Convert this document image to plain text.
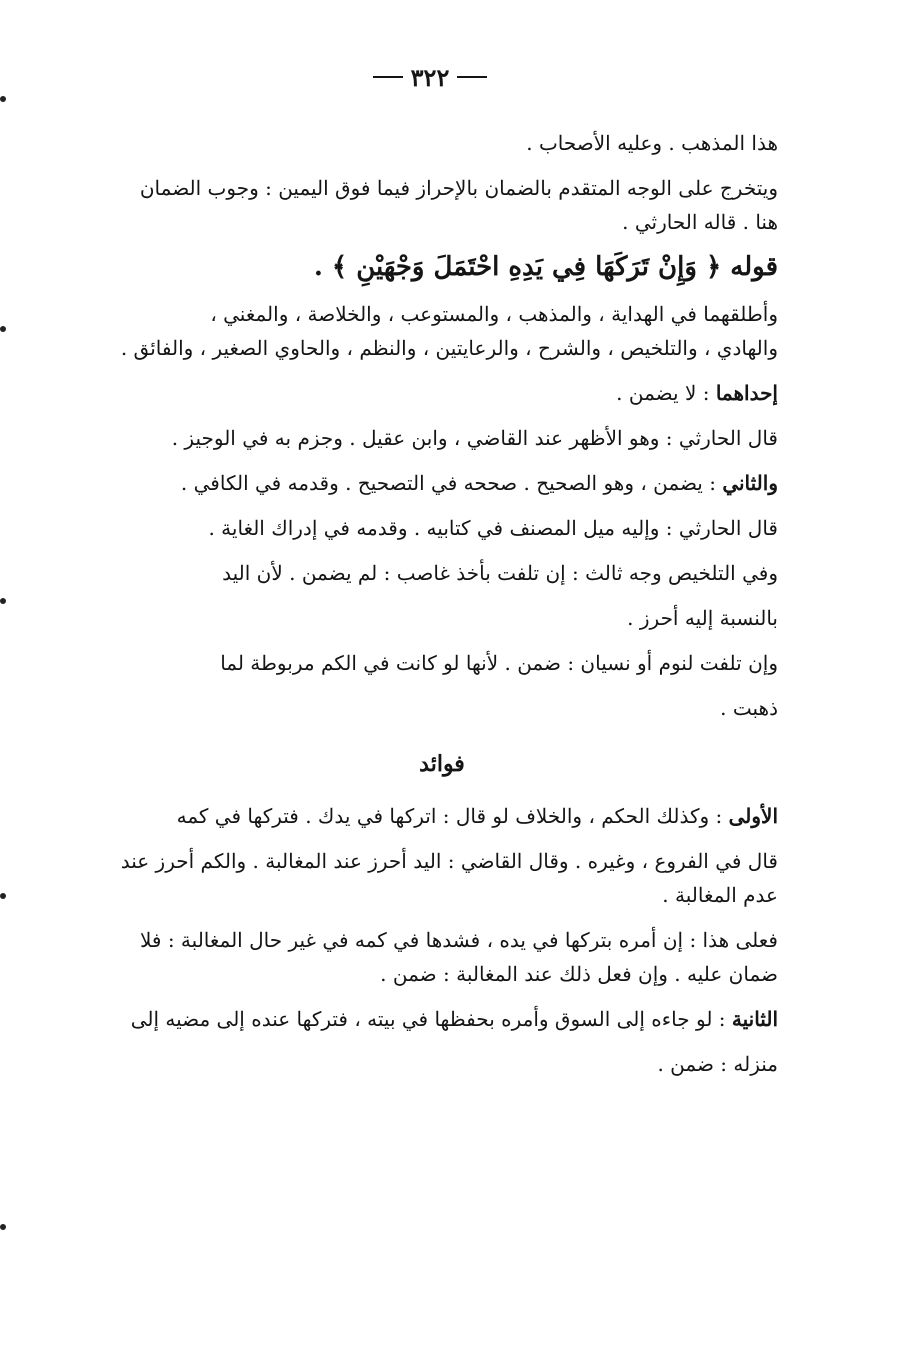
٣٢٢

هذا المذهب . وعليه الأصحاب .

ويتخرج على الوجه المتقدم بالضمان بالإحراز فيما فوق اليمين : وجوب الضمان

هنا . قاله الحارثي .

قوله ﴿ وَإِنْ تَرَكَهَا فِي يَدِهِ احْتَمَلَ وَجْهَيْنِ ﴾ .

وأطلقهما في الهداية ، والمذهب ، والمستوعب ، والخلاصة ، والمغني ،

والهادي ، والتلخيص ، والشرح ، والرعايتين ، والنظم ، والحاوي الصغير ، والفائق .

إحداهما : لا يضمن .

قال الحارثي : وهو الأظهر عند القاضي ، وابن عقيل . وجزم به في الوجيز .

والثاني : يضمن ، وهو الصحيح . صححه في التصحيح . وقدمه في الكافي .

قال الحارثي : وإليه ميل المصنف في كتابيه . وقدمه في إدراك الغاية .

وفي التلخيص وجه ثالث : إن تلفت بأخذ غاصب : لم يضمن . لأن اليد

بالنسبة إليه أحرز .

وإن تلفت لنوم أو نسيان : ضمن . لأنها لو كانت في الكم مربوطة لما

ذهبت .

فوائد

الأولى : وكذلك الحكم ، والخلاف لو قال : اتركها في يدك . فتركها في كمه

قال في الفروع ، وغيره . وقال القاضي : اليد أحرز عند المغالبة . والكم أحرز عند

عدم المغالبة .

فعلى هذا : إن أمره بتركها في يده ، فشدها في كمه في غير حال المغالبة : فلا

ضمان عليه . وإن فعل ذلك عند المغالبة : ضمن .

الثانية : لو جاءه إلى السوق وأمره بحفظها في بيته ، فتركها عنده إلى مضيه إلى

منزله : ضمن .
